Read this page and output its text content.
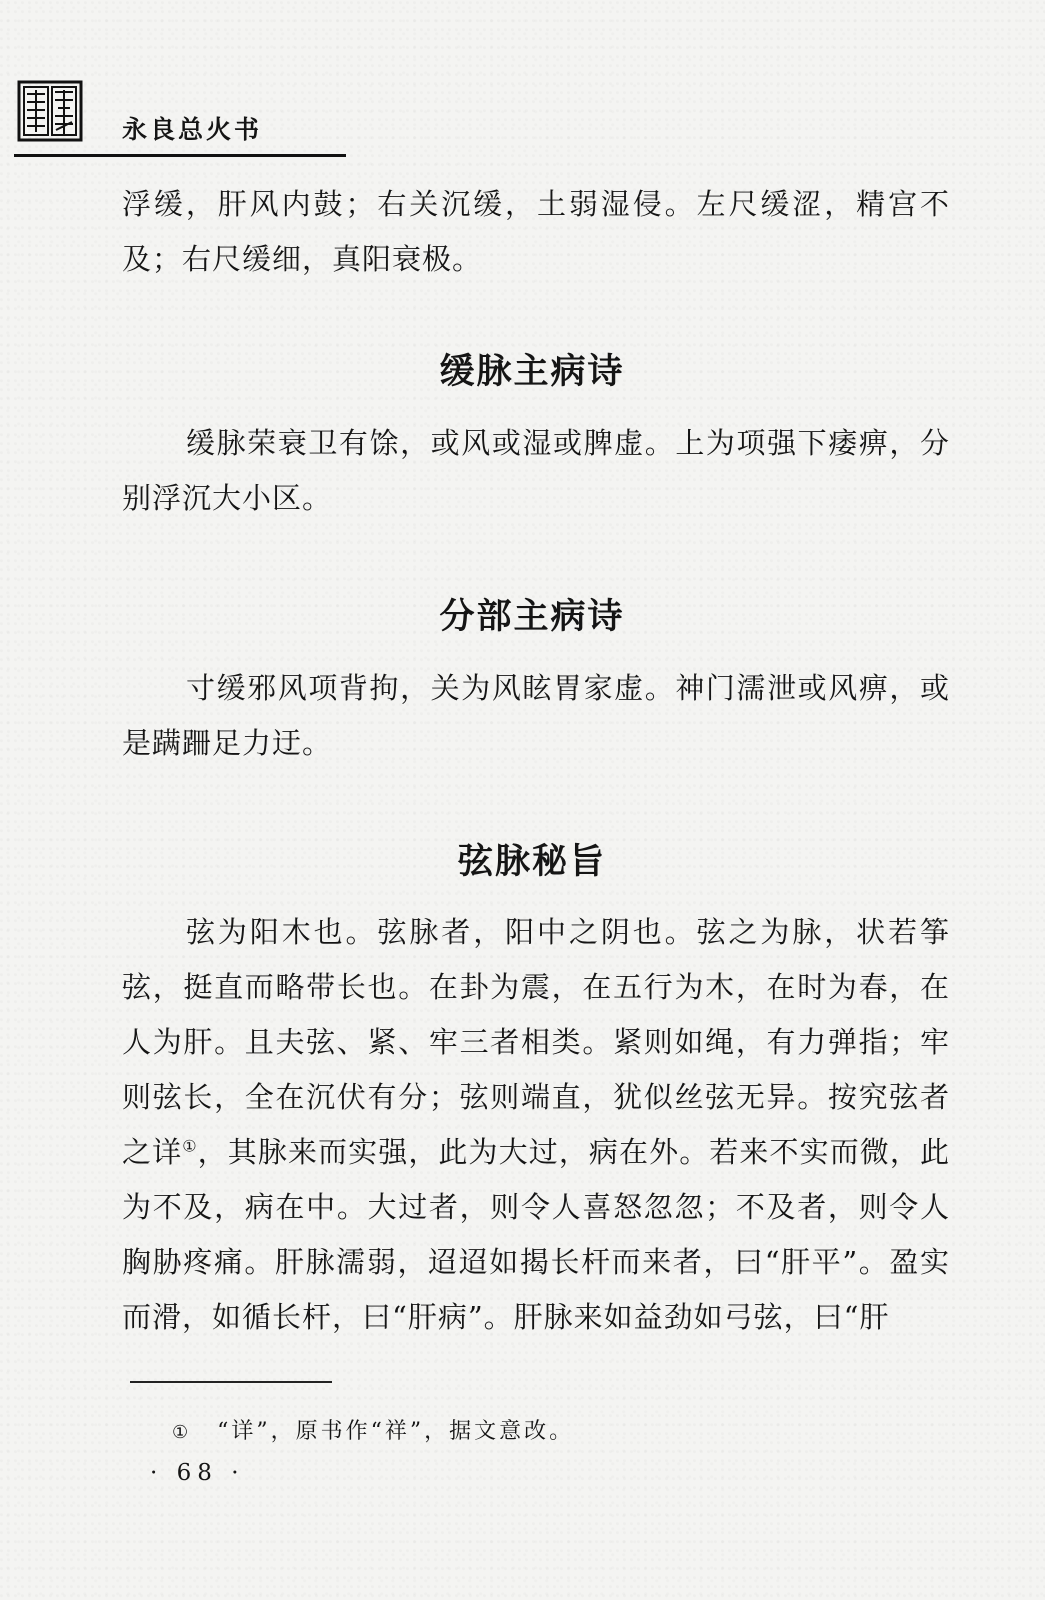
永良总火书

浮缓，肝风内鼓；右关沉缓，土弱湿侵。左尺缓涩，精宫不及；右尺缓细，真阳衰极。

缓脉主病诗

缓脉荣衰卫有馀，或风或湿或脾虚。上为项强下痿痹，分别浮沉大小区。

分部主病诗

寸缓邪风项背拘，关为风眩胃家虚。神门濡泄或风痹，或是蹒跚足力迂。

弦脉秘旨

弦为阳木也。弦脉者，阳中之阴也。弦之为脉，状若筝弦，挺直而略带长也。在卦为震，在五行为木，在时为春，在人为肝。且夫弦、紧、牢三者相类。紧则如绳，有力弹指；牢则弦长，全在沉伏有分；弦则端直，犹似丝弦无异。按究弦者之详①，其脉来而实强，此为大过，病在外。若来不实而微，此为不及，病在中。大过者，则令人喜怒忽忽；不及者，则令人胸胁疼痛。肝脉濡弱，迢迢如揭长杆而来者，曰“肝平”。盈实而滑，如循长杆，曰“肝病”。肝脉来如益劲如弓弦，曰“肝

① “详”，原书作“祥”，据文意改。
· 68 ·
